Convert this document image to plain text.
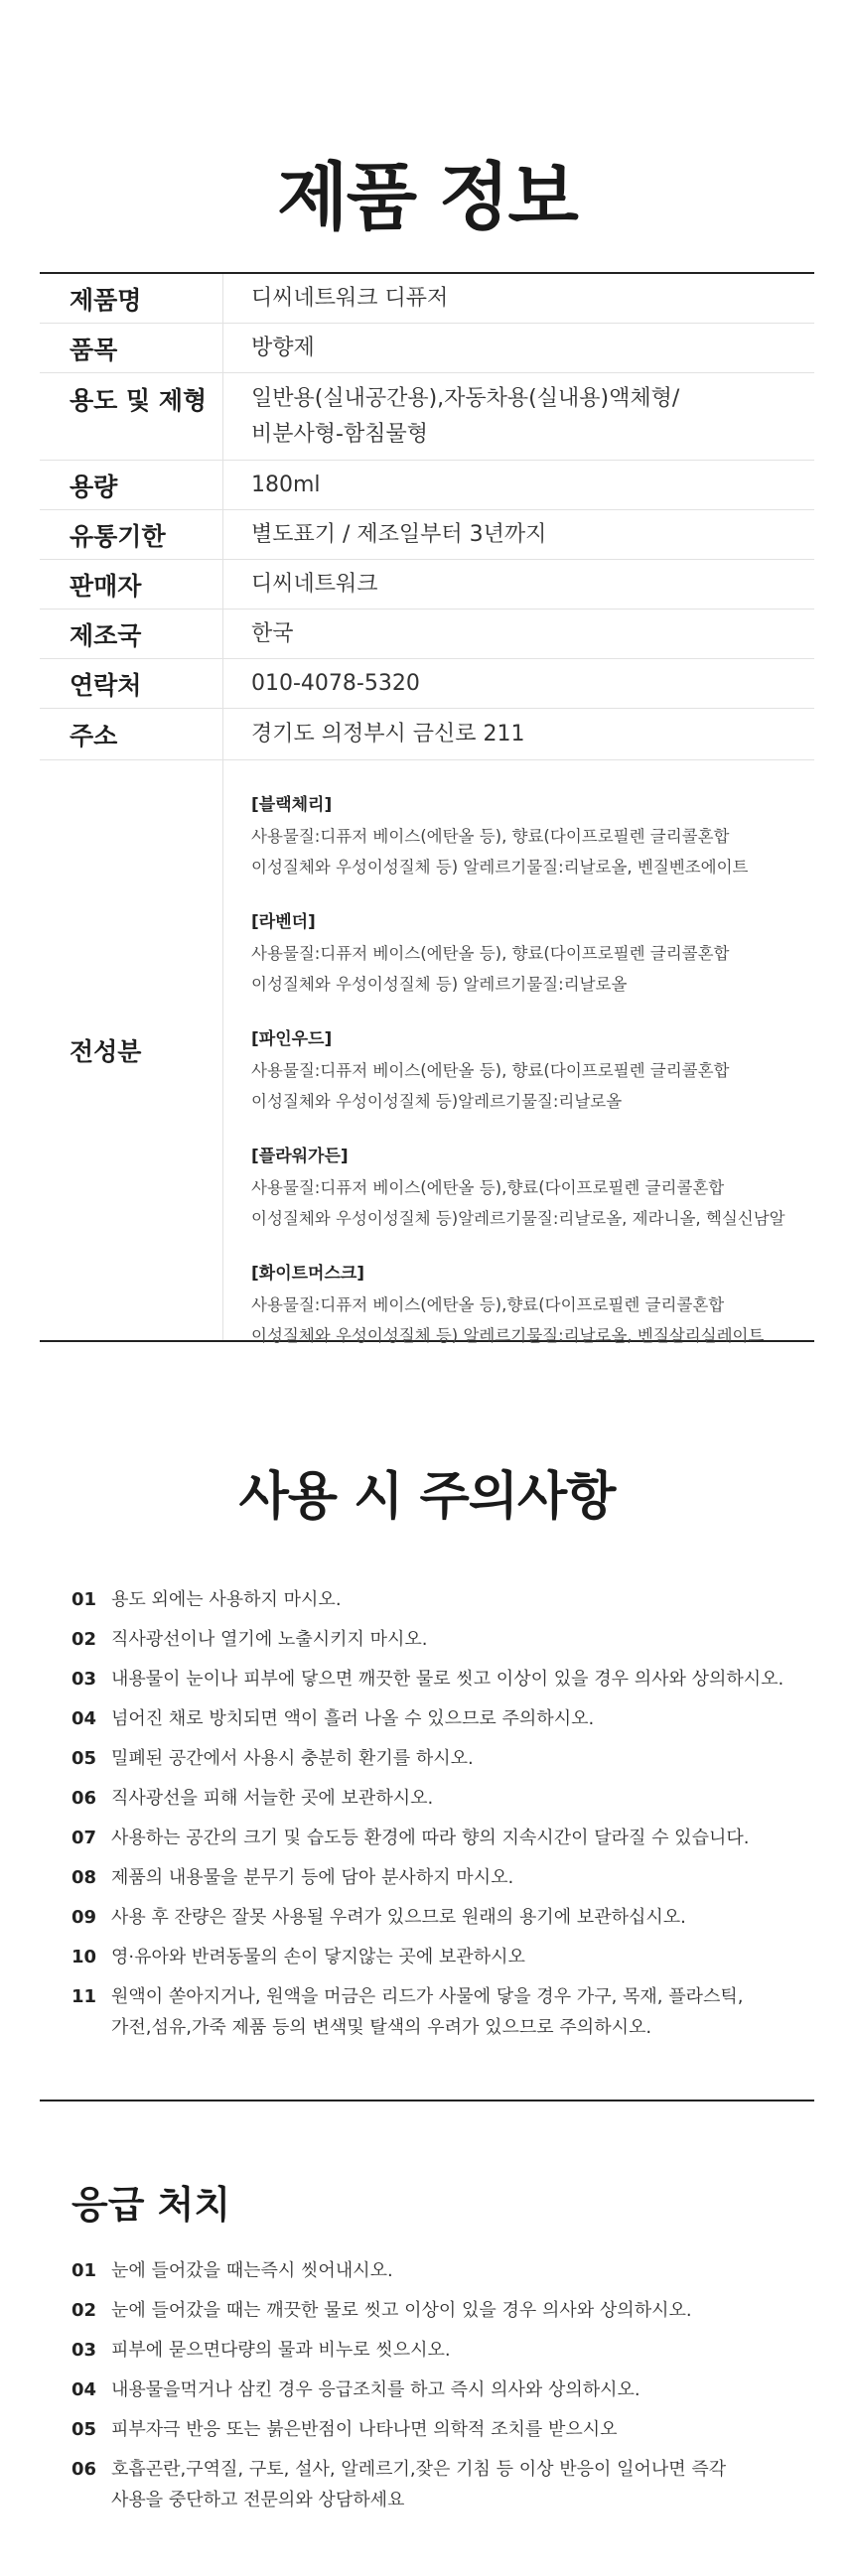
제품 정보
제품명	디씨네트워크 디퓨저
품목	방향제
용도 및 제형	일반용(실내공간용),자동차용(실내용)액체형/
비분사형-함침물형
용량	180ml
유통기한	별도표기 / 제조일부터 3년까지
판매자	디씨네트워크
제조국	한국
연락처	010-4078-5320
주소	경기도 의정부시 금신로 211
전성분
[블랙체리]
사용물질:디퓨저 베이스(에탄올 등), 향료(다이프로필렌 글리콜혼합
이성질체와 우성이성질체 등) 알레르기물질:리날로올, 벤질벤조에이트
[라벤더]
사용물질:디퓨저 베이스(에탄올 등), 향료(다이프로필렌 글리콜혼합
이성질체와 우성이성질체 등) 알레르기물질:리날로올
[파인우드]
사용물질:디퓨저 베이스(에탄올 등), 향료(다이프로필렌 글리콜혼합
이성질체와 우성이성질체 등)알레르기물질:리날로올
[플라워가든]
사용물질:디퓨저 베이스(에탄올 등),향료(다이프로필렌 글리콜혼합
이성질체와 우성이성질체 등)알레르기물질:리날로올, 제라니올, 헥실신남알
[화이트머스크]
사용물질:디퓨저 베이스(에탄올 등),향료(다이프로필렌 글리콜혼합
이성질체와 우성이성질체 등) 알레르기물질:리날로올, 벤질살리실레이트
사용 시 주의사항
01 용도 외에는 사용하지 마시오.
02 직사광선이나 열기에 노출시키지 마시오.
03 내용물이 눈이나 피부에 닿으면 깨끗한 물로 씻고 이상이 있을 경우 의사와 상의하시오.
04 넘어진 채로 방치되면 액이 흘러 나올 수 있으므로 주의하시오.
05 밀폐된 공간에서 사용시 충분히 환기를 하시오.
06 직사광선을 피해 서늘한 곳에 보관하시오.
07 사용하는 공간의 크기 및 습도등 환경에 따라 향의 지속시간이 달라질 수 있습니다.
08 제품의 내용물을 분무기 등에 담아 분사하지 마시오.
09 사용 후 잔량은 잘못 사용될 우려가 있으므로 원래의 용기에 보관하십시오.
10 영·유아와 반려동물의 손이 닿지않는 곳에 보관하시오
11 원액이 쏟아지거나, 원액을 머금은 리드가 사물에 닿을 경우 가구, 목재, 플라스틱,
가전,섬유,가죽 제품 등의 변색및 탈색의 우려가 있으므로 주의하시오.
응급 처치
01 눈에 들어갔을 때는즉시 씻어내시오.
02 눈에 들어갔을 때는 깨끗한 물로 씻고 이상이 있을 경우 의사와 상의하시오.
03 피부에 묻으면다량의 물과 비누로 씻으시오.
04 내용물을먹거나 삼킨 경우 응급조치를 하고 즉시 의사와 상의하시오.
05 피부자극 반응 또는 붉은반점이 나타나면 의학적 조치를 받으시오
06 호흡곤란,구역질, 구토, 설사, 알레르기,잦은 기침 등 이상 반응이 일어나면 즉각
사용을 중단하고 전문의와 상담하세요
